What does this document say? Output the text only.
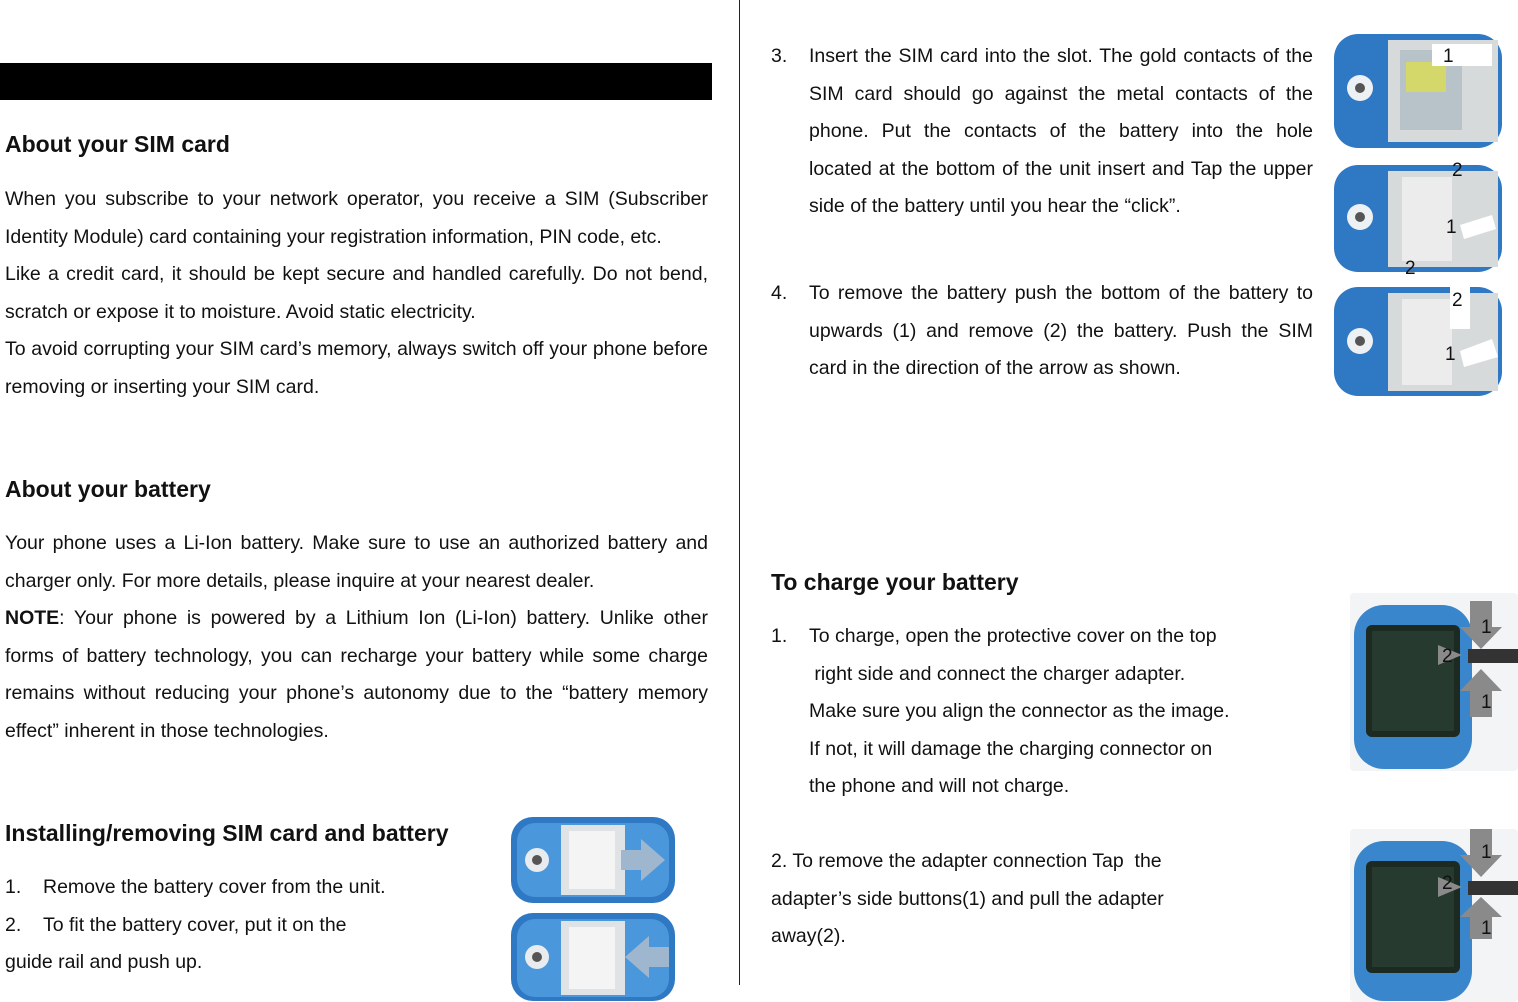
About your SIM card

When you subscribe to your network operator, you receive a SIM (Subscriber Identity Module) card containing your registration information, PIN code, etc.

Like a credit card, it should be kept secure and handled carefully. Do not bend, scratch or expose it to moisture. Avoid static electricity.

To avoid corrupting your SIM card’s memory, always switch off your phone before removing or inserting your SIM card.

About your battery

Your phone uses a Li-Ion battery. Make sure to use an authorized battery and charger only. For more details, please inquire at your nearest dealer.

NOTE: Your phone is powered by a Lithium Ion (Li-Ion) battery. Unlike other forms of battery technology, you can recharge your battery while some charge remains without reducing your phone’s autonomy due to the “battery memory effect” inherent in those technologies.

Installing/removing SIM card and battery

1. Remove the battery cover from the unit.

2. To fit the battery cover, put it on the

guide rail and push up.

3. Insert the SIM card into the slot. The gold contacts of the SIM card should go against the metal contacts of the phone. Put the contacts of the battery into the hole located at the bottom of the unit insert and Tap the upper side of the battery until you hear the “click”.

4. To remove the battery push the bottom of the battery to upwards (1) and remove (2) the battery. Push the SIM card in the direction of the arrow as shown.

1
2
1
2
2
1
To charge your battery

1. To charge, open the protective cover on the top

right side and connect the charger adapter.

Make sure you align the connector as the image.

If not, it will damage the charging connector on

the phone and will not charge.

2. To remove the adapter connection Tap  the

adapter’s side buttons(1) and pull the adapter

away(2).

1
2
1
1
2
1
